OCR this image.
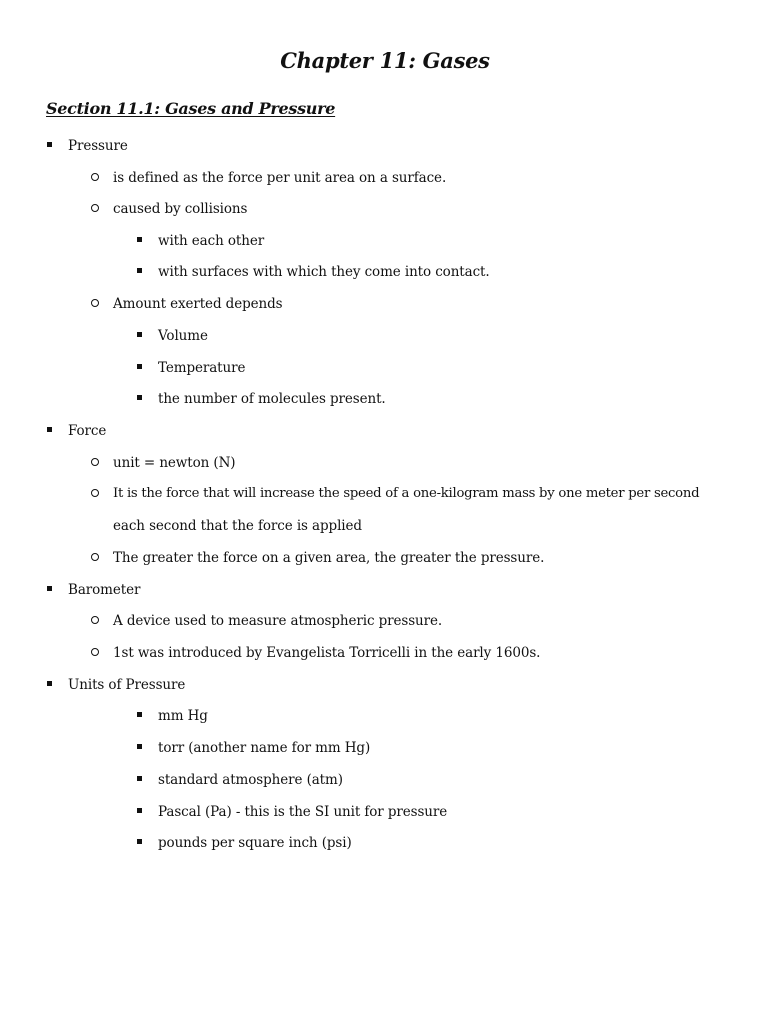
Chapter 11: Gases
Section 11.1: Gases and Pressure
Pressure
is defined as the force per unit area on a surface.
caused by collisions
with each other
with surfaces with which they come into contact.
Amount exerted depends
Volume
Temperature
the number of molecules present.
Force
unit = newton (N)
It is the force that will increase the speed of a one-kilogram mass by one meter per second
each second that the force is applied
The greater the force on a given area, the greater the pressure.
Barometer
A device used to measure atmospheric pressure.
1st was introduced by Evangelista Torricelli in the early 1600s.
Units of Pressure
mm Hg
torr (another name for mm Hg)
standard atmosphere (atm)
Pascal (Pa) - this is the SI unit for pressure
pounds per square inch (psi)
